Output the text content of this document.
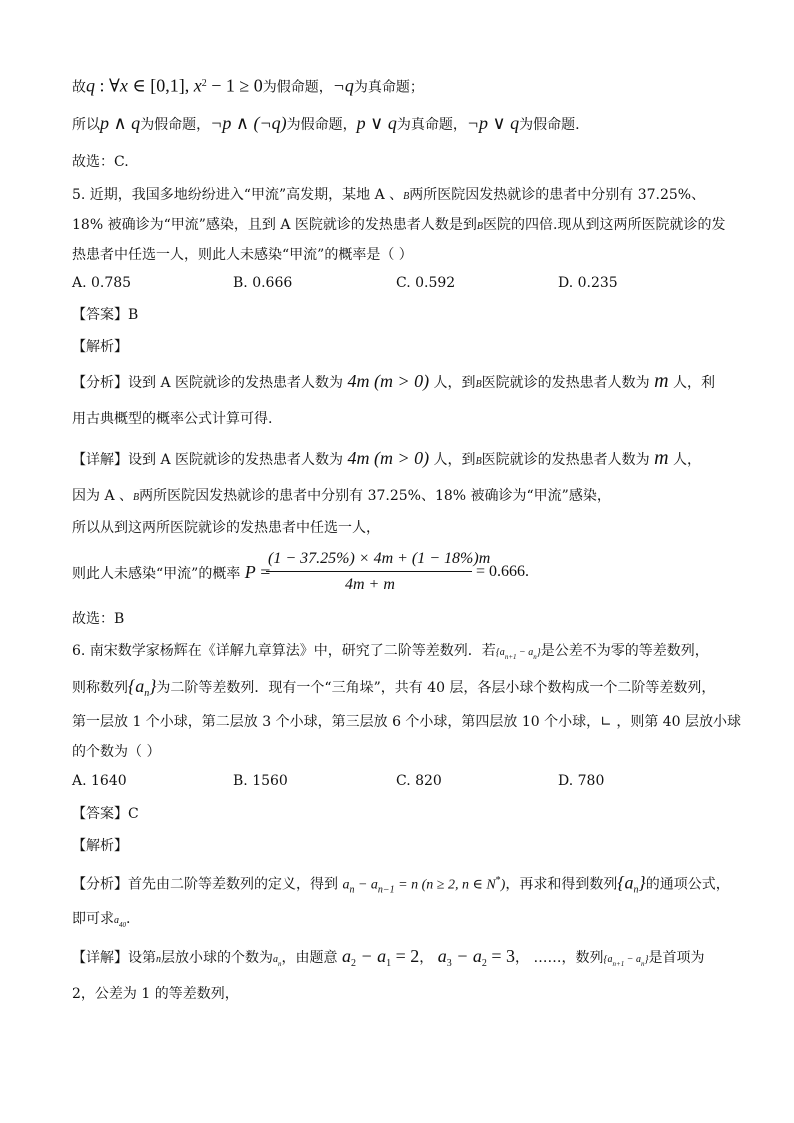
故q : ∀x ∈ [0,1], $x^2 - 1 \ge 0$为假命题，¬q为真命题；
所以p ∧ q为假命题，¬p ∧ (¬q)为假命题，p ∨ q为真命题，¬p ∨ q为假命题.
故选：C.
5. 近期，我国多地纷纷进入“甲流”高发期，某地 A 、B两所医院因发热就诊的患者中分别有 37.25%、
18% 被确诊为“甲流”感染，且到 A 医院就诊的发热患者人数是到B医院的四倍.现从到这两所医院就诊的发
热患者中任选一人，则此人未感染“甲流”的概率是（ ）
A. 0.785	B. 0.666	C. 0.592	D. 0.235
【答案】B
【解析】
【分析】设到 A 医院就诊的发热患者人数为 4m (m > 0) 人，到B医院就诊的发热患者人数为 m 人，利
用古典概型的概率公式计算可得.
【详解】设到 A 医院就诊的发热患者人数为 4m (m > 0) 人，到B医院就诊的发热患者人数为 m 人，
因为 A 、B两所医院因发热就诊的患者中分别有 37.25%、18% 被确诊为“甲流”感染，
所以从到这两所医院就诊的发热患者中任选一人，
则此人未感染“甲流”的概率 P =
(1 − 37.25%) × 4m + (1 − 18%)m
4m + m
= 0.666.
故选：B
6. 南宋数学家杨辉在《详解九章算法》中，研究了二阶等差数列．若$\{a_{n+1} - a_n\}$是公差不为零的等差数列，
则称数列$\{a_n\}$为二阶等差数列．现有一个“三角垛”，共有 40 层，各层小球个数构成一个二阶等差数列，
第一层放 1 个小球，第二层放 3 个小球，第三层放 6 个小球，第四层放 10 个小球，∟ ，则第 40 层放小球
的个数为（ ）
A. 1640	B. 1560	C. 820	D. 780
【答案】C
【解析】
【分析】首先由二阶等差数列的定义，得到 $a_n - a_{n-1} = n$ (n ≥ 2, n ∈ N*)，再求和得到数列$\{a_n\}$的通项公式，
即可求$a_{40}$.
【详解】设第n层放小球的个数为$a_n$，由题意 $a_2 - a_1 = 2$， $a_3 - a_2 = 3$， ……，数列$\{a_{n+1} - a_n\}$是首项为
2，公差为 1 的等差数列，
